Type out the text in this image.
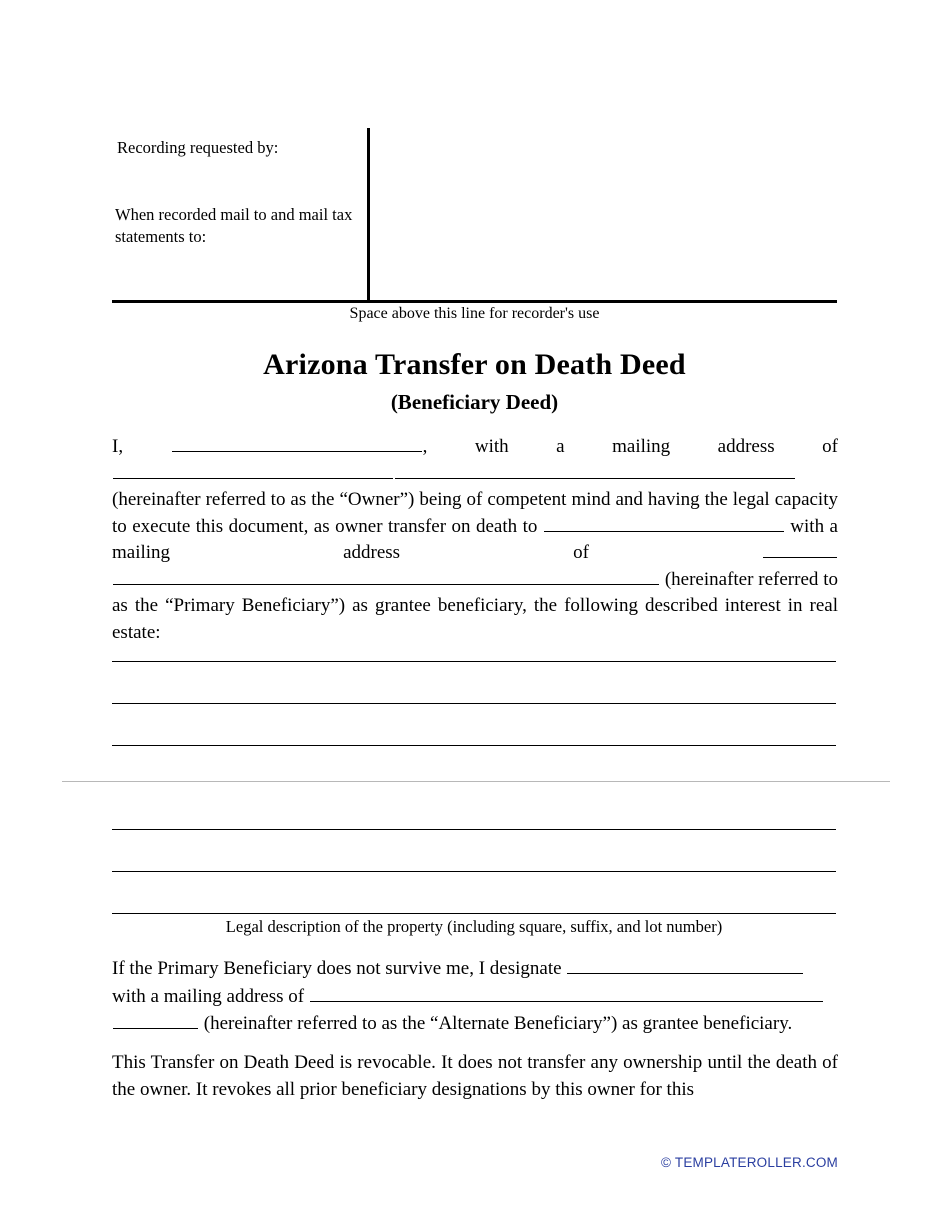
Recording requested by:
When recorded mail to and mail tax statements to:
Space above this line for recorder's use
Arizona Transfer on Death Deed
(Beneficiary Deed)
I,	, with a mailing address of  (hereinafter referred to as the “Owner”) being of competent mind and having the legal capacity to execute this document, as owner transfer on death to	with a mailing address of  (hereinafter referred to as the “Primary Beneficiary”) as grantee beneficiary, the following described interest in real estate:
Legal description of the property (including square, suffix, and lot number)
If the Primary Beneficiary does not survive me, I designate
with a mailing address of
(hereinafter referred to as the “Alternate Beneficiary”) as grantee beneficiary.
This Transfer on Death Deed is revocable. It does not transfer any ownership until the death of the owner. It revokes all prior beneficiary designations by this owner for this
© TEMPLATEROLLER.COM
